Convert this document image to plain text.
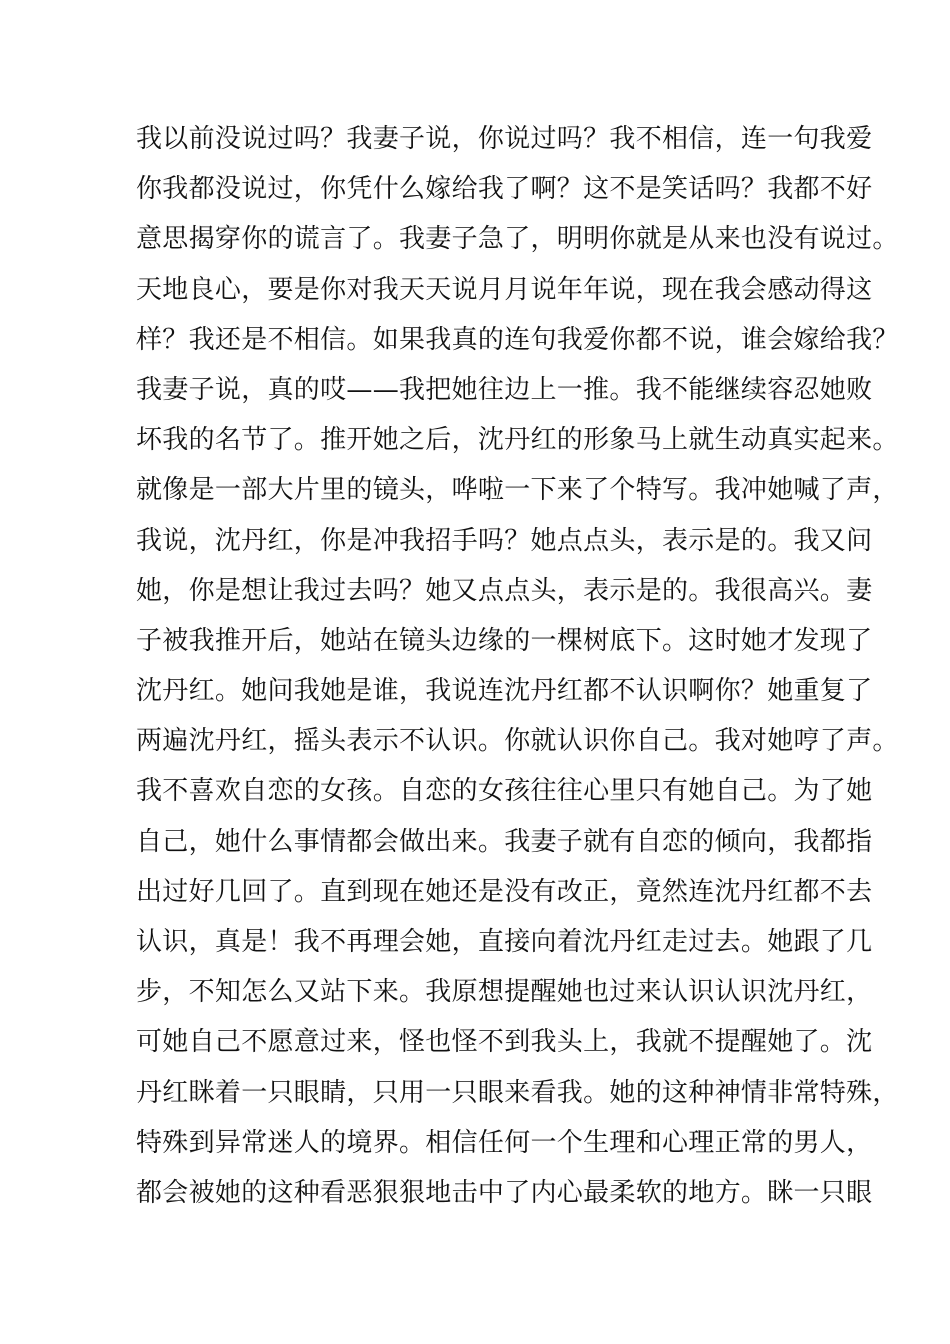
我以前没说过吗？我妻子说，你说过吗？我不相信，连一句我爱
你我都没说过，你凭什么嫁给我了啊？这不是笑话吗？我都不好
意思揭穿你的谎言了。我妻子急了，明明你就是从来也没有说过。
天地良心，要是你对我天天说月月说年年说，现在我会感动得这
样？我还是不相信。如果我真的连句我爱你都不说，谁会嫁给我？
我妻子说，真的哎——我把她往边上一推。我不能继续容忍她败
坏我的名节了。推开她之后，沈丹红的形象马上就生动真实起来。
就像是一部大片里的镜头，哗啦一下来了个特写。我冲她喊了声，
我说，沈丹红，你是冲我招手吗？她点点头，表示是的。我又问
她，你是想让我过去吗？她又点点头，表示是的。我很高兴。妻
子被我推开后，她站在镜头边缘的一棵树底下。这时她才发现了
沈丹红。她问我她是谁，我说连沈丹红都不认识啊你？她重复了
两遍沈丹红，摇头表示不认识。你就认识你自己。我对她哼了声。
我不喜欢自恋的女孩。自恋的女孩往往心里只有她自己。为了她
自己，她什么事情都会做出来。我妻子就有自恋的倾向，我都指
出过好几回了。直到现在她还是没有改正，竟然连沈丹红都不去
认识，真是！我不再理会她，直接向着沈丹红走过去。她跟了几
步，不知怎么又站下来。我原想提醒她也过来认识认识沈丹红，
可她自己不愿意过来，怪也怪不到我头上，我就不提醒她了。沈
丹红眯着一只眼睛，只用一只眼来看我。她的这种神情非常特殊，
特殊到异常迷人的境界。相信任何一个生理和心理正常的男人，
都会被她的这种看恶狠狠地击中了内心最柔软的地方。眯一只眼
